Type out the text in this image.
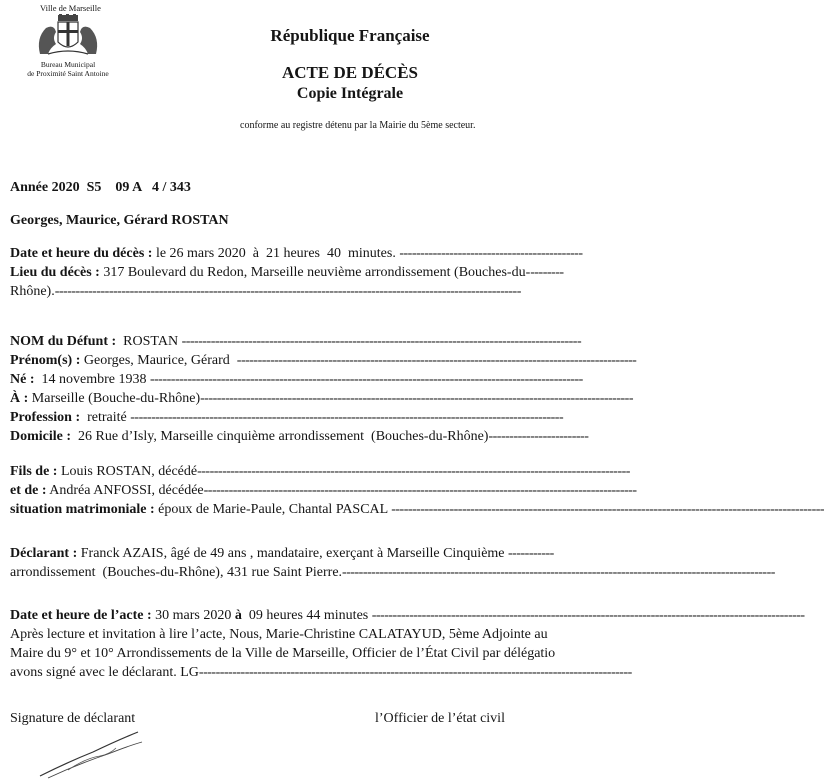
Ville de Marseille
Bureau Municipal
de Proximité Saint Antoine
République Française
ACTE DE DÉCÈS
Copie Intégrale
conforme au registre détenu par la Mairie du 5ème secteur.
Année 2020  S5    09 A   4 / 343
Georges, Maurice, Gérard ROSTAN
Date et heure du décès : le 26 mars 2020  à  21 heures  40  minutes. --------------------------------------------
Lieu du décès : 317 Boulevard du Redon, Marseille neuvième arrondissement (Bouches-du---------
Rhône).----------------------------------------------------------------------------------------------------------------
NOM du Défunt :  ROSTAN ------------------------------------------------------------------------------------------------
Prénom(s) : Georges, Maurice, Gérard  ------------------------------------------------------------------------------------------------
Né :  14 novembre 1938 --------------------------------------------------------------------------------------------------------
À : Marseille (Bouche-du-Rhône)--------------------------------------------------------------------------------------------------------
Profession :  retraité --------------------------------------------------------------------------------------------------------
Domicile :  26 Rue d’Isly, Marseille cinquième arrondissement  (Bouches-du-Rhône)------------------------
Fils de : Louis ROSTAN, décédé--------------------------------------------------------------------------------------------------------
et de : Andréa ANFOSSI, décédée--------------------------------------------------------------------------------------------------------
situation matrimoniale : époux de Marie-Paule, Chantal PASCAL --------------------------------------------------------------------------------------------------------
Déclarant : Franck AZAIS, âgé de 49 ans , mandataire, exerçant à Marseille Cinquième -----------
arrondissement  (Bouches-du-Rhône), 431 rue Saint Pierre.--------------------------------------------------------------------------------------------------------
Date et heure de l’acte : 30 mars 2020 à  09 heures 44 minutes --------------------------------------------------------------------------------------------------------
Après lecture et invitation à lire l’acte, Nous, Marie-Christine CALATAYUD, 5ème Adjointe au
Maire du 9° et 10° Arrondissements de la Ville de Marseille, Officier de l’État Civil par délégatio
avons signé avec le déclarant. LG--------------------------------------------------------------------------------------------------------
Signature de déclarant	l’Officier de l’état civil
